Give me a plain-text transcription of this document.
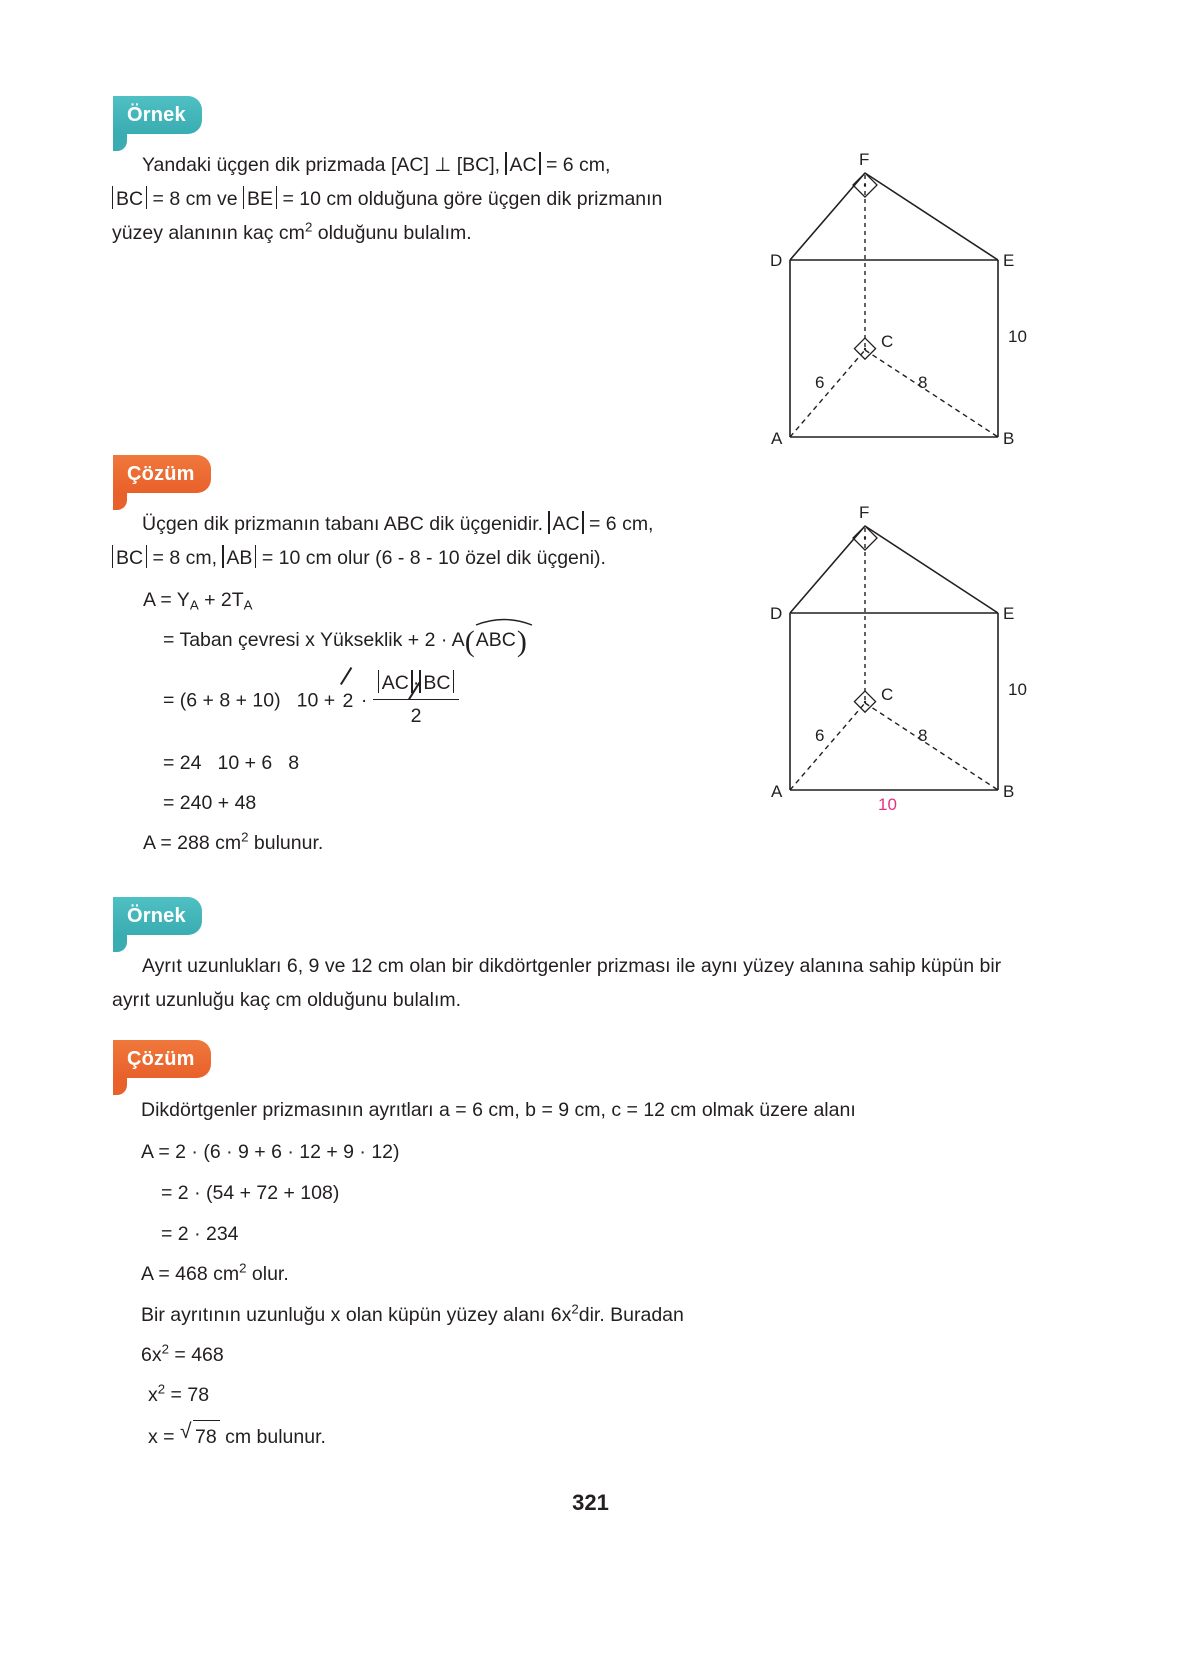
Örnek
Yandaki üçgen dik prizmada [AC] ⊥ [BC], AC = 6 cm,
BC = 8 cm ve BE = 10 cm olduğuna göre üçgen dik prizmanın
yüzey alanının kaç $cm^2$ olduğunu bulalım.
F
D	E
A	B
C
6	8
10
Çözüm
Üçgen dik prizmanın tabanı ABC dik üçgenidir. AC = 6 cm,
BC = 8 cm, AB = 10 cm olur (6 - 8 - 10 özel dik üçgeni).
$A = Y_A + 2T_A$
= Taban çevresi x Yükseklik + 2 · A(
ABC)
= (6 + 8 + 10) $10 + 2 \cdot \frac{AC \cdot BC}{2}$
= 24 10 + 6 8
= 240 + 48
A = 288 $cm^2$ bulunur.
F
D	E
A	B
C
6	8
10
10
Örnek
Ayrıt uzunlukları 6, 9 ve 12 cm olan bir dikdörtgenler prizması ile aynı yüzey alanına sahip küpün bir
ayrıt uzunluğu kaç cm olduğunu bulalım.
Çözüm
Dikdörtgenler prizmasının ayrıtları a = 6 cm, b = 9 cm, c = 12 cm olmak üzere alanı
A = 2 · (6 · 9 + 6 · 12 + 9 · 12)
= 2 · (54 + 72 + 108)
= 2 · 234
A = 468 $cm^2$ olur.
Bir ayrıtının uzunluğu x olan küpün yüzey alanı $6x^2dir$. Buradan
$6x^2 = 468$
$x^2 = 78$
x = √ 78 cm bulunur.
321
